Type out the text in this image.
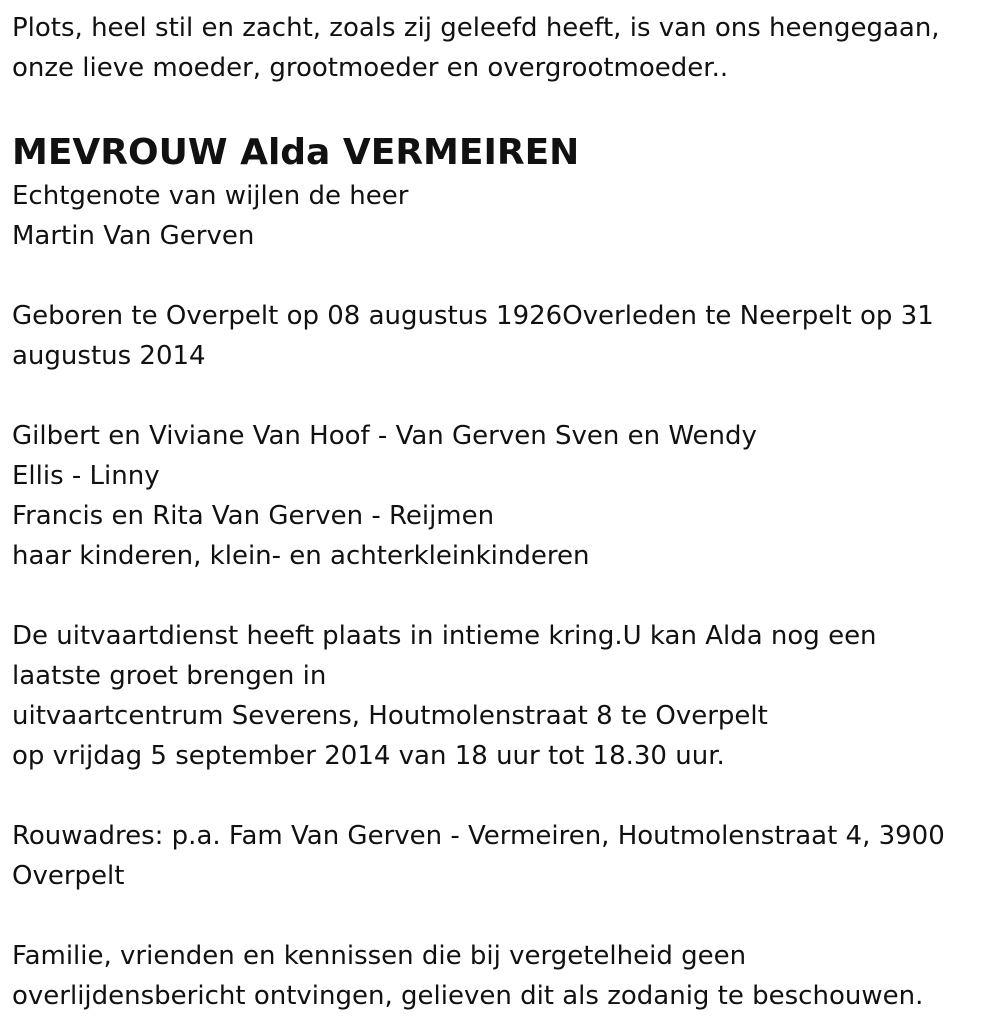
Plots, heel stil en zacht, zoals zij geleefd heeft, is van ons heengegaan,
onze lieve moeder, grootmoeder en overgrootmoeder..
MEVROUW Alda VERMEIREN
Echtgenote van wijlen de heer
Martin Van Gerven
Geboren te Overpelt op 08 augustus 1926Overleden te Neerpelt op 31
augustus 2014
Gilbert en Viviane Van Hoof - Van Gerven Sven en Wendy
Ellis - Linny
Francis en Rita Van Gerven - Reijmen
haar kinderen, klein- en achterkleinkinderen
De uitvaartdienst heeft plaats in intieme kring.U kan Alda nog een
laatste groet brengen in
uitvaartcentrum Severens, Houtmolenstraat 8 te Overpelt
op vrijdag 5 september 2014 van 18 uur tot 18.30 uur.
Rouwadres: p.a. Fam Van Gerven - Vermeiren, Houtmolenstraat 4, 3900
Overpelt
Familie, vrienden en kennissen die bij vergetelheid geen
overlijdensbericht ontvingen, gelieven dit als zodanig te beschouwen.
